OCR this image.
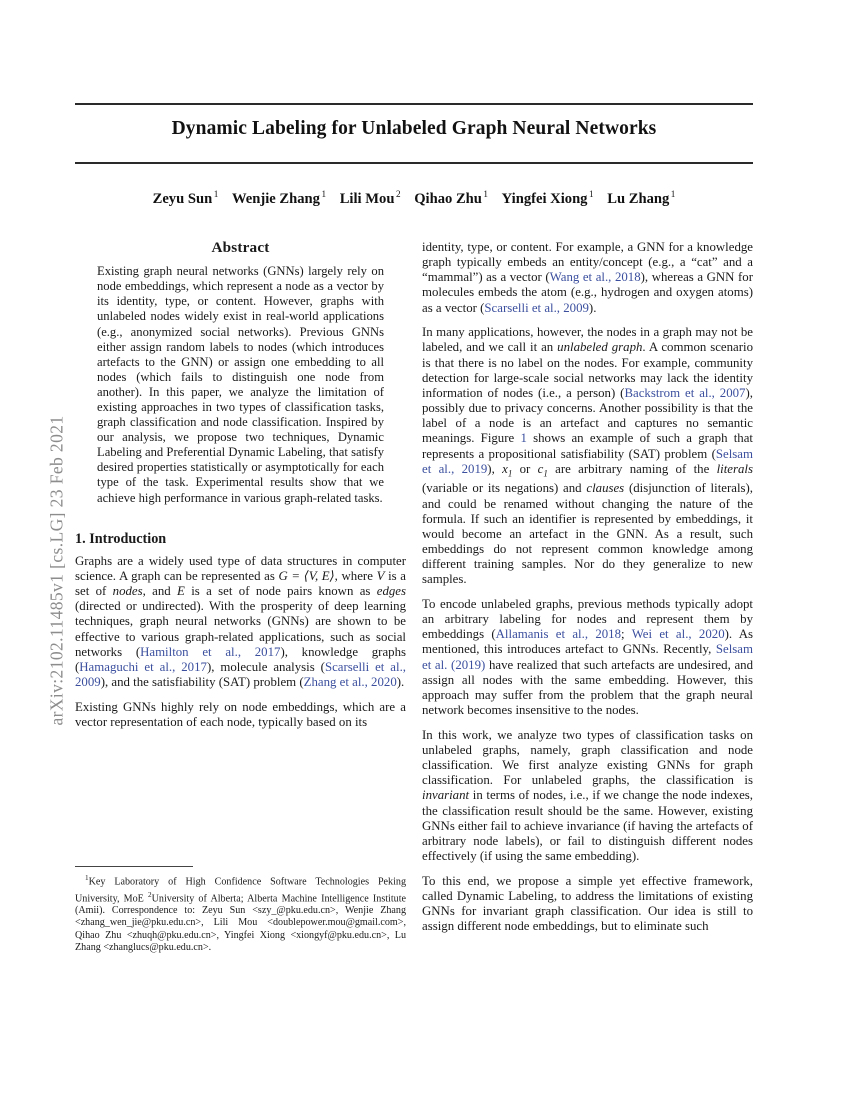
arXiv:2102.11485v1 [cs.LG] 23 Feb 2021
Dynamic Labeling for Unlabeled Graph Neural Networks
Zeyu Sun $^1$ Wenjie Zhang $^1$ Lili Mou $^2$ Qihao Zhu $^1$ Yingfei Xiong $^1$ Lu Zhang $^1$
Abstract

Existing graph neural networks (GNNs) largely rely on node embeddings, which represent a node as a vector by its identity, type, or content. However, graphs with unlabeled nodes widely exist in real-world applications (e.g., anonymized social networks). Previous GNNs either assign random labels to nodes (which introduces artefacts to the GNN) or assign one embedding to all nodes (which fails to distinguish one node from another). In this paper, we analyze the limitation of existing approaches in two types of classification tasks, graph classification and node classification. Inspired by our analysis, we propose two techniques, Dynamic Labeling and Preferential Dynamic Labeling, that satisfy desired properties statistically or asymptotically for each type of the task. Experimental results show that we achieve high performance in various graph-related tasks.

1. Introduction

Graphs are a widely used type of data structures in computer science. A graph can be represented as G = ⟨V, E⟩, where V is a set of nodes, and E is a set of node pairs known as edges (directed or undirected). With the prosperity of deep learning techniques, graph neural networks (GNNs) are shown to be effective to various graph-related applications, such as social networks (Hamilton et al., 2017), knowledge graphs (Hamaguchi et al., 2017), molecule analysis (Scarselli et al., 2009), and the satisfiability (SAT) problem (Zhang et al., 2020).

Existing GNNs highly rely on node embeddings, which are a vector representation of each node, typically based on its

identity, type, or content. For example, a GNN for a knowledge graph typically embeds an entity/concept (e.g., a “cat” and a “mammal”) as a vector (Wang et al., 2018), whereas a GNN for molecules embeds the atom (e.g., hydrogen and oxygen atoms) as a vector (Scarselli et al., 2009).

In many applications, however, the nodes in a graph may not be labeled, and we call it an unlabeled graph. A common scenario is that there is no label on the nodes. For example, community detection for large-scale social networks may lack the identity information of nodes (i.e., a person) (Backstrom et al., 2007), possibly due to privacy concerns. Another possibility is that the label of a node is an artefact and captures no semantic meanings. Figure 1 shows an example of such a graph that represents a propositional satisfiability (SAT) problem (Selsam et al., 2019), $x_1$ or $c_1$ are arbitrary naming of the literals (variable or its negations) and clauses (disjunction of literals), and could be renamed without changing the nature of the formula. If such an identifier is represented by embeddings, it would become an artefact in the GNN. As a result, such embeddings do not represent common knowledge among different training samples. Nor do they generalize to new samples.

To encode unlabeled graphs, previous methods typically adopt an arbitrary labeling for nodes and represent them by embeddings (Allamanis et al., 2018; Wei et al., 2020). As mentioned, this introduces artefact to GNNs. Recently, Selsam et al. (2019) have realized that such artefacts are undesired, and assign all nodes with the same embedding. However, this approach may suffer from the problem that the graph neural network becomes insensitive to the nodes.

In this work, we analyze two types of classification tasks on unlabeled graphs, namely, graph classification and node classification. We first analyze existing GNNs for graph classification. For unlabeled graphs, the classification is invariant in terms of nodes, i.e., if we change the node indexes, the classification result should be the same. However, existing GNNs either fail to achieve invariance (if having the artefacts of arbitrary node labels), or fail to distinguish different nodes effectively (if using the same embedding).

To this end, we propose a simple yet effective framework, called Dynamic Labeling, to address the limitations of existing GNNs for invariant graph classification. Our idea is still to assign different node embeddings, but to eliminate such

$^1$Key Laboratory of High Confidence Software Technologies Peking University, MoE $^2$University of Alberta; Alberta Machine Intelligence Institute (Amii). Correspondence to: Zeyu Sun <szy_@pku.edu.cn>, Wenjie Zhang <zhang_wen_jie@pku.edu.cn>, Lili Mou <doublepower.mou@gmail.com>, Qihao Zhu <zhuqh@pku.edu.cn>, Yingfei Xiong <xiongyf@pku.edu.cn>, Lu Zhang <zhanglucs@pku.edu.cn>.
